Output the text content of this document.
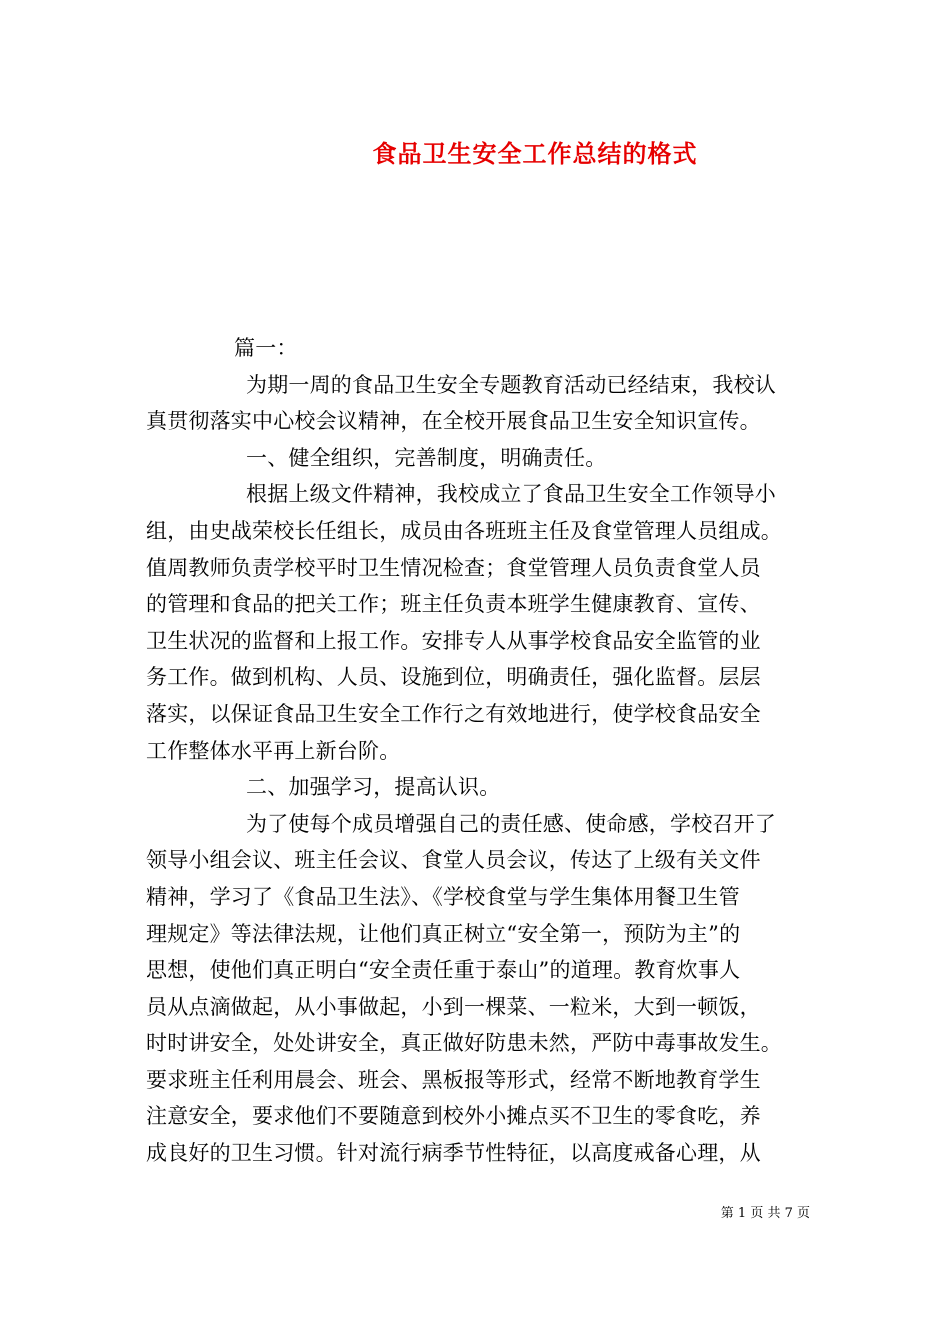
食品卫生安全工作总结的格式
篇一：
为期一周的食品卫生安全专题教育活动已经结束，我校认
真贯彻落实中心校会议精神，在全校开展食品卫生安全知识宣传。
一、健全组织，完善制度，明确责任。
根据上级文件精神，我校成立了食品卫生安全工作领导小
组，由史战荣校长任组长，成员由各班班主任及食堂管理人员组成。
值周教师负责学校平时卫生情况检查；食堂管理人员负责食堂人员
的管理和食品的把关工作；班主任负责本班学生健康教育、宣传、
卫生状况的监督和上报工作。安排专人从事学校食品安全监管的业
务工作。做到机构、人员、设施到位，明确责任，强化监督。层层
落实，以保证食品卫生安全工作行之有效地进行，使学校食品安全
工作整体水平再上新台阶。
二、加强学习，提高认识。
为了使每个成员增强自己的责任感、使命感，学校召开了
领导小组会议、班主任会议、食堂人员会议，传达了上级有关文件
精神，学习了《食品卫生法》、《学校食堂与学生集体用餐卫生管
理规定》等法律法规，让他们真正树立“安全第一，预防为主”的
思想，使他们真正明白“安全责任重于泰山”的道理。教育炊事人
员从点滴做起，从小事做起，小到一棵菜、一粒米，大到一顿饭，
时时讲安全，处处讲安全，真正做好防患未然，严防中毒事故发生。
要求班主任利用晨会、班会、黑板报等形式，经常不断地教育学生
注意安全，要求他们不要随意到校外小摊点买不卫生的零食吃，养
成良好的卫生习惯。针对流行病季节性特征，以高度戒备心理，从
第 1 页 共 7 页
